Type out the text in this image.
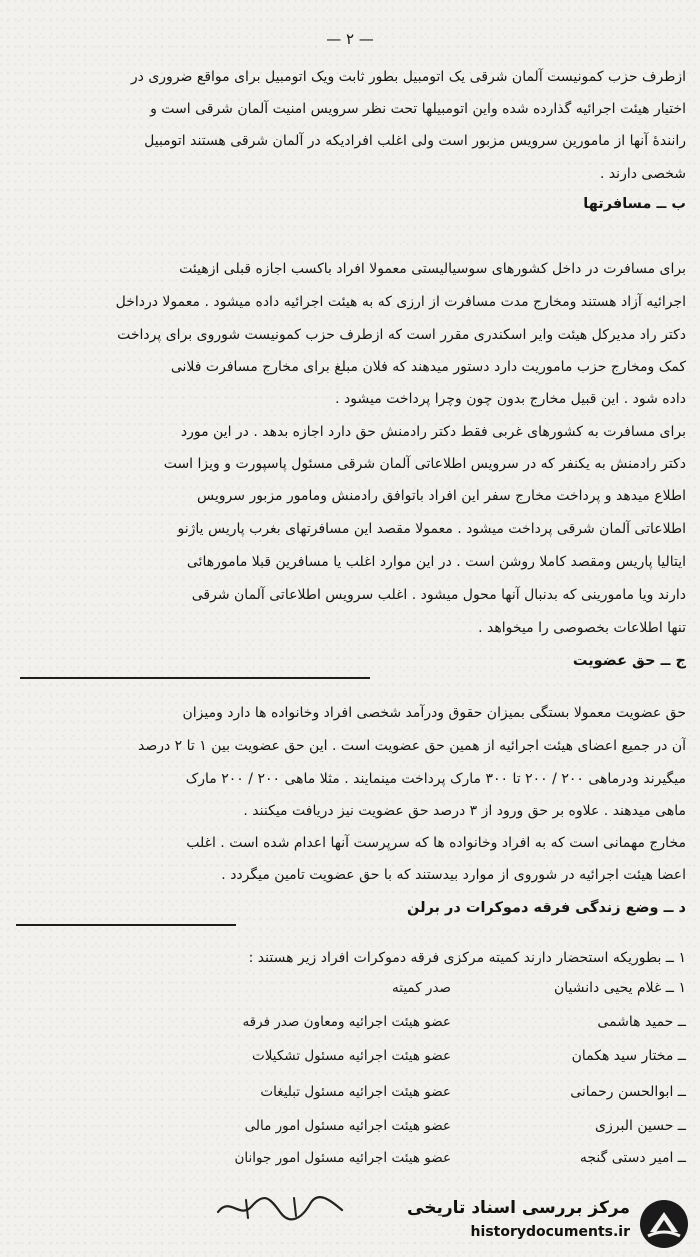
— ۲ —
ازطرف حزب کمونیست آلمان شرقی یک اتومبیل بطور ثابت ویک اتومبیل برای مواقع ضروری در
اختیار هیئت اجرائیه گذارده شده واین اتومبیلها تحت نظر سرویس امنیت آلمان شرقی است و
رانندهٔ آنها از مامورین سرویس مزبور است ولی اغلب افرادیکه در آلمان شرقی هستند اتومبیل
شخصی دارند .
ب ــ مسافرتها
برای مسافرت در داخل کشورهای سوسیالیستی معمولا افراد باکسب اجازه قبلی ازهیئت
اجرائیه آزاد هستند ومخارج مدت مسافرت از ارزی که به هیئت اجرائیه داده میشود . معمولا درداخل
دکتر راد مدیرکل هیئت وایر اسکندری مقرر است که ازطرف حزب کمونیست شوروی برای پرداخت
کمک ومخارج حزب ماموریت دارد دستور میدهند که فلان مبلغ برای مخارج مسافرت فلانی
داده شود . این قبیل مخارج بدون چون وچرا پرداخت میشود .
برای مسافرت به کشورهای غربی فقط دکتر رادمنش حق دارد اجازه بدهد . در این مورد
دکتر رادمنش به یکنفر که در سرویس اطلاعاتی آلمان شرقی مسئول پاسپورت و ویزا است
اطلاع میدهد و پرداخت مخارج سفر این افراد باتوافق رادمنش ومامور مزبور سرویس
اطلاعاتی آلمان شرقی پرداخت میشود . معمولا مقصد این مسافرتهای بغرب پاریس یاژنو
ایتالیا پاریس ومقصد کاملا روشن است . در این موارد اغلب یا مسافرین قبلا مامورهائی
دارند ویا مامورینی که بدنبال آنها محول میشود . اغلب سرویس اطلاعاتی آلمان شرقی
تنها اطلاعات بخصوصی را میخواهد .
ج ــ حق عضویت
حق عضویت معمولا بستگی بمیزان حقوق ودرآمد شخصی افراد وخانواده ها دارد ومیزان
آن در جمیع اعضای هیئت اجرائیه از همین حق عضویت است . این حق عضویت بین ۱ تا ۲ درصد
میگیرند ودرماهی ۲۰۰ / ۲۰۰ تا ۳۰۰ مارک پرداخت مینمایند . مثلا ماهی ۲۰۰ / ۲۰۰ مارک
ماهی میدهند . علاوه بر حق ورود از ۳ درصد حق عضویت نیز دریافت میکنند .
مخارج مهمانی است که به افراد وخانواده ها که سرپرست آنها اعدام شده است . اغلب
اعضا هیئت اجرائیه در شوروی از موارد بیدستند که با حق عضویت تامین میگردد .
د ــ وضع زندگی فرقه دموکرات در برلن
۱ ــ بطوریکه استحضار دارند کمیته مرکزی فرقه دموکرات افراد زیر هستند :
۱ ــ غلام یحیی دانشیان
صدر کمیته
ــ حمید هاشمی
عضو هیئت اجرائیه ومعاون صدر فرقه
ــ مختار سید هکمان
عضو هیئت اجرائیه مسئول تشکیلات
ــ ابوالحسن رحمانی
عضو هیئت اجرائیه مسئول تبلیغات
ــ حسین البرزی
عضو هیئت اجرائیه مسئول امور مالی
ــ امیر دستی گنجه
عضو هیئت اجرائیه مسئول امور جوانان
مرکز بررسی اسناد تاریخی
historydocuments.ir
